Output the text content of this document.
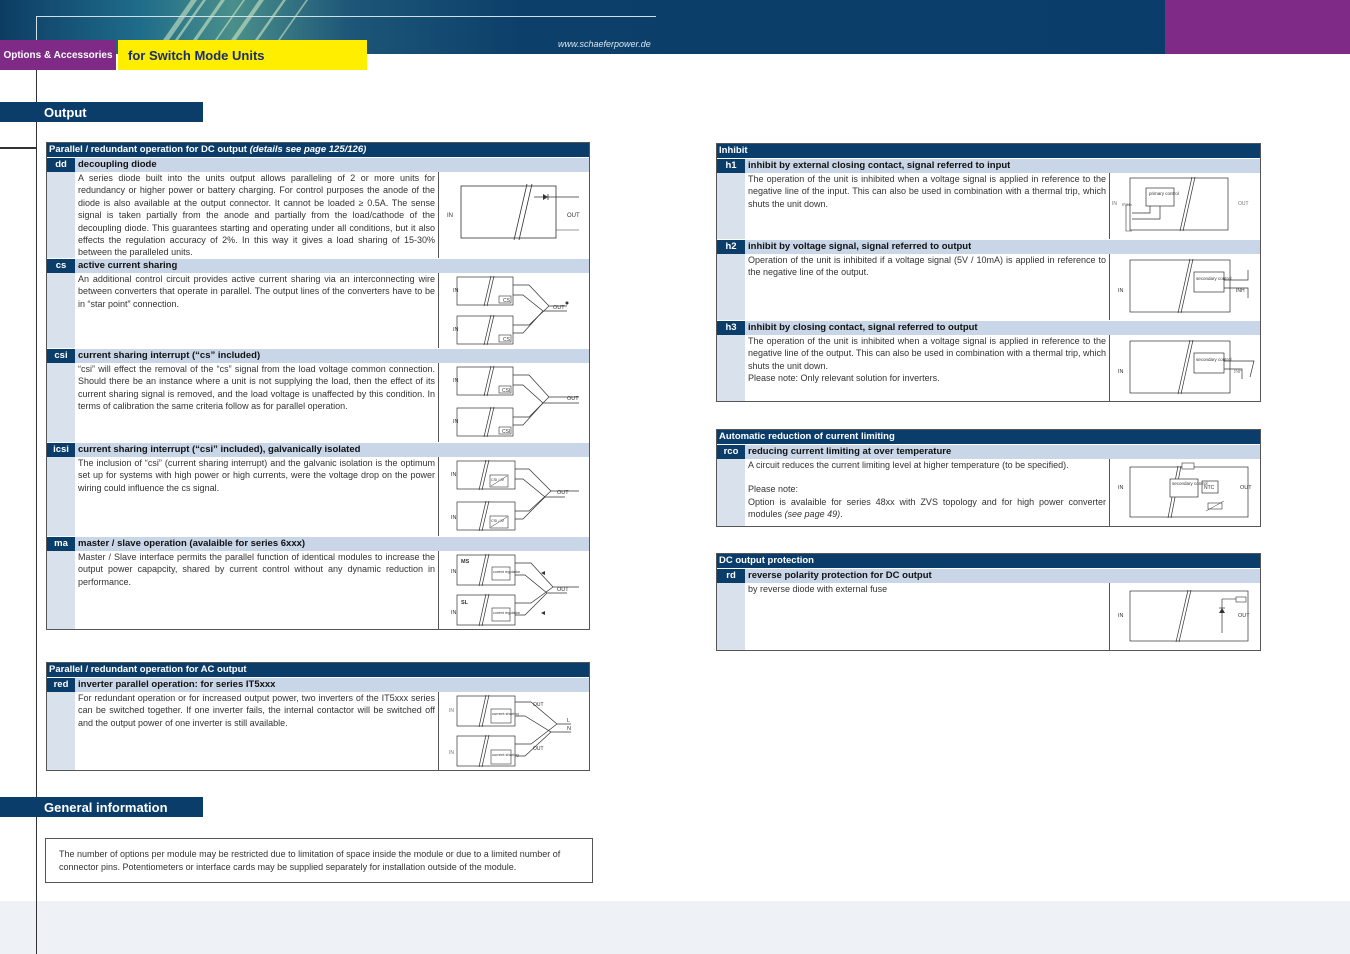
Options & Accessories	for Switch Mode Units
www.schaeferpower.de
Output
Parallel / redundant operation for DC output (details see page 125/126)
dd	decoupling diode
A series diode built into the units output allows paralleling of 2 or more units for redundancy or higher power or battery charging. For control purposes the anode of the diode is also available at the output connector. It cannot be loaded ≥ 0.5A. The sense signal is taken partially from the anode and partially from the load/cathode of the decoupling diode. This guarantees starting and operating under all conditions, but it also effects the regulation accuracy of 2%. In this way it gives a load sharing of 15-30% between the paralleled units.
IN	OUT
cs	active current sharing
An additional control circuit provides active current sharing via an interconnecting wire between converters that operate in parallel. The output lines of the converters have to be in “star point” connection.	CS
CS
IN
IN
OUT
csi	current sharing interrupt (“cs” included)
“csi” will effect the removal of the “cs” signal from the load voltage common connection. Should there be an instance where a unit is not supplying the load, then the effect of its current sharing signal is removed, and the load voltage is unaffected by this condition. In terms of calibration the same criteria follow as for parallel operation.
CSI
CSI
IN
IN
OUT
icsi current sharing interrupt (“csi” included), galvanically isolated
The inclusion of “csi” (current sharing interrupt) and the galvanic isolation is the optimum set up for systems with high power or high currents, were the voltage drop on the power wiring could influence the cs signal.
CSI / IV
CSI / IV
IN
IN
OUT
ma	master / slave operation (avalaible for series 6xxx)
Master / Slave interface permits the parallel function of identical modules to increase the output power capapcity, shared by current control without any dynamic reduction in performance.
current regulation
current regulation
MS
SL
IN
IN
OUT
Parallel / redundant operation for AC output
red	inverter parallel operation: for series IT5xxx
For redundant operation or for increased output power, two inverters of the IT5xxx series can be switched together. If one inverter fails, the internal contactor will be switched off and the output power of one inverter is still available.
current sharing
current sharing
IN
IN
OUT
OUT
L
N
General information
The number of options per module may be restricted due to limitation of space inside the module or due to a limited number of connector pins. Potentiometers or interface cards may be supplied separately for installation outside of the module.
Inhibit
h1	inhibit by external closing contact, signal referred to input
The operation of the unit is inhibited when a voltage signal is applied in reference to the negative line of the input. This can also be used in combination with a thermal trip, which shuts the unit down.
primary control
IN INH	OUT
h2	inhibit by voltage signal, signal referred to output
Operation of the unit is inhibited if a voltage signal (5V / 10mA) is applied in reference to the negative line of the output.
secondary control
IN	INH
h3	inhibit by closing contact, signal referred to output
The operation of the unit is inhibited when a voltage signal is applied in reference to the negative line of the output. This can also be used in combination with a thermal trip, which shuts the unit down.
Please note: Only relevant solution for inverters.
secondary control
IN	INH
Automatic reduction of current limiting
rco	reducing current limiting at over temperature
A circuit reduces the current limiting level at higher temperature (to be specified).
Please note:
Option is avalaible for series 48xx with ZVS topology and for high power converter modules (see page 49).
secondary control
NTC
IN	OUT
DC output protection
rd	reverse polarity protection for DC output
by reverse diode with external fuse
IN	OUT
